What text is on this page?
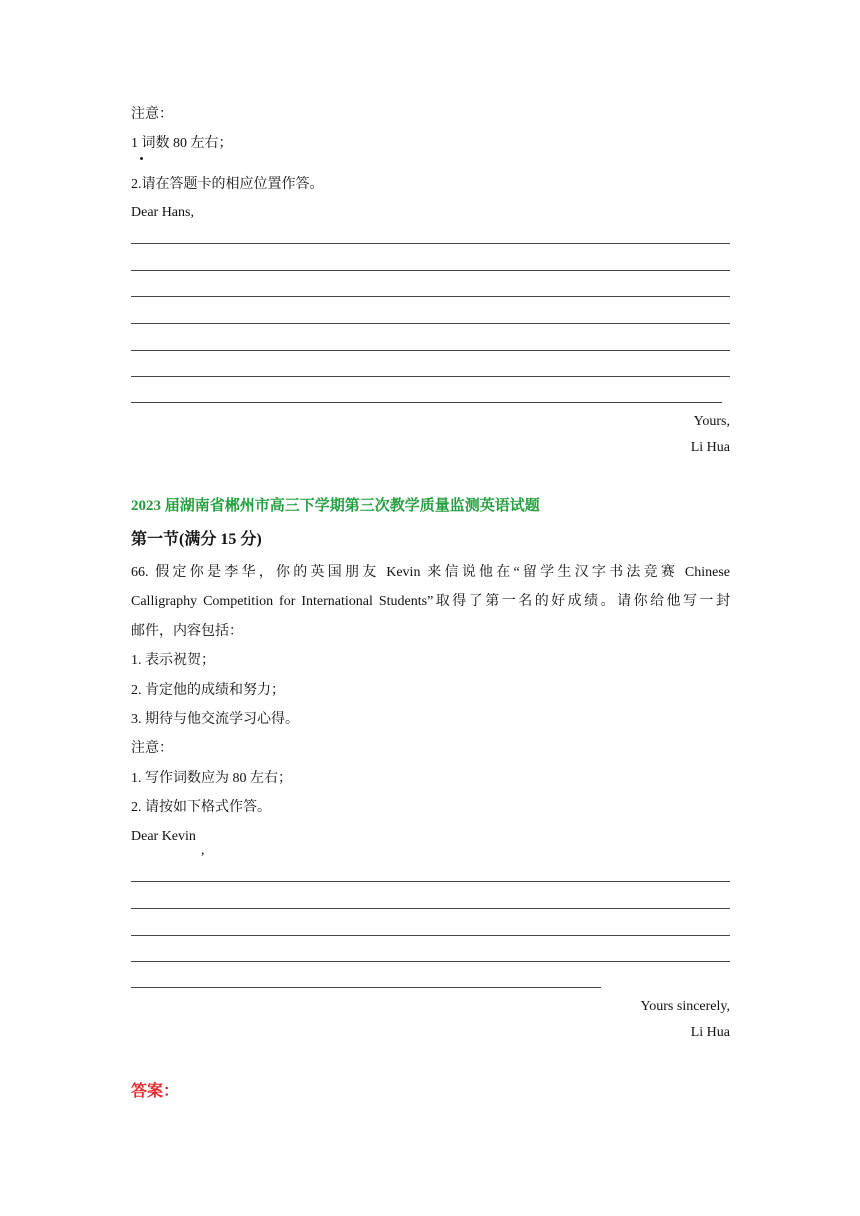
注意：
1 词数 80 左右；
2.请在答题卡的相应位置作答。
Dear Hans,
Yours,
Li Hua
2023 届湖南省郴州市高三下学期第三次教学质量监测英语试题
第一节(满分 15 分)
66. 假定你是李华，你的英国朋友 Kevin 来信说他在“留学生汉字书法竞赛 Chinese
Calligraphy Competition for International Students”取得了第一名的好成绩。请你给他写一封
邮件，内容包括：
1. 表示祝贺；
2. 肯定他的成绩和努力；
3. 期待与他交流学习心得。
注意：
1. 写作词数应为 80 左右；
2. 请按如下格式作答。
Dear Kevin
,
Yours sincerely,
Li Hua
答案：
